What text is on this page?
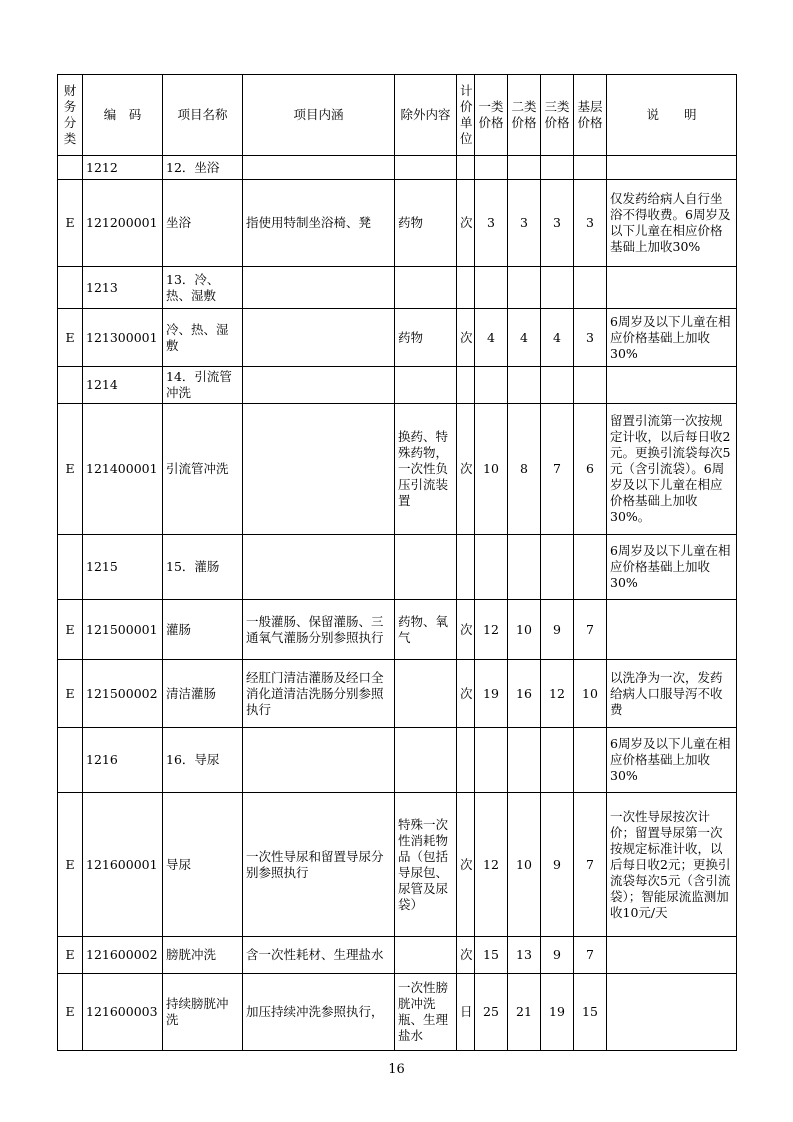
财务分类	编　码	项目名称	项目内涵	除外内容	计价单位	一类价格	二类价格	三类价格	基层价格	说　　明
	1212	12．坐浴								
E	121200001	坐浴	指使用特制坐浴椅、凳	药物	次	3	3	3	3	仅发药给病人自行坐浴不得收费。6周岁及以下儿童在相应价格基础上加收30%
	1213	13．冷、热、湿敷								
E	121300001	冷、热、湿敷		药物	次	4	4	4	3	6周岁及以下儿童在相应价格基础上加收30%
	1214	14．引流管冲洗								
E	121400001	引流管冲洗		换药、特殊药物，一次性负压引流装置	次	10	8	7	6	留置引流第一次按规定计收，以后每日收2元。更换引流袋每次5元（含引流袋）。6周岁及以下儿童在相应价格基础上加收30%。
	1215	15．灌肠								6周岁及以下儿童在相应价格基础上加收30%
E	121500001	灌肠	一般灌肠、保留灌肠、三通氧气灌肠分别参照执行	药物、氧气	次	12	10	9	7	
E	121500002	清洁灌肠	经肛门清洁灌肠及经口全消化道清洁洗肠分别参照执行		次	19	16	12	10	以洗净为一次，发药给病人口服导泻不收费
	1216	16．导尿								6周岁及以下儿童在相应价格基础上加收30%
E	121600001	导尿	一次性导尿和留置导尿分别参照执行	特殊一次性消耗物品（包括导尿包、尿管及尿袋）	次	12	10	9	7	一次性导尿按次计价；留置导尿第一次按规定标准计收，以后每日收2元；更换引流袋每次5元（含引流袋）；智能尿流监测加收10元/天
E	121600002	膀胱冲洗	含一次性耗材、生理盐水		次	15	13	9	7	
E	121600003	持续膀胱冲洗	加压持续冲洗参照执行，	一次性膀胱冲洗瓶、生理盐水	日	25	21	19	15	
16
